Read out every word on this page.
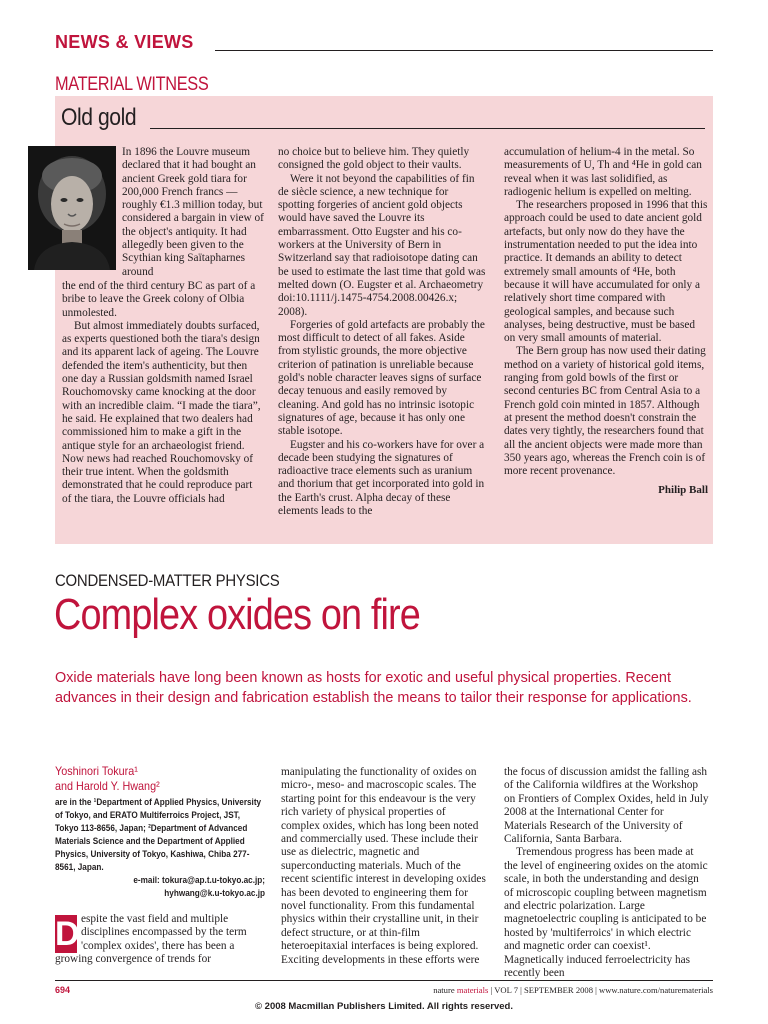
NEWS & VIEWS
MATERIAL WITNESS
Old gold

In 1896 the Louvre museum declared that it had bought an ancient Greek gold tiara for 200,000 French francs — roughly €1.3 million today, but considered a bargain in view of the object's antiquity. It had allegedly been given to the Scythian king Saïtapharnes around

the end of the third century BC as part of a bribe to leave the Greek colony of Olbia unmolested.

But almost immediately doubts surfaced, as experts questioned both the tiara's design and its apparent lack of ageing. The Louvre defended the item's authenticity, but then one day a Russian goldsmith named Israel Rouchomovsky came knocking at the door with an incredible claim. “I made the tiara”, he said. He explained that two dealers had commissioned him to make a gift in the antique style for an archaeologist friend. Now news had reached Rouchomovsky of their true intent. When the goldsmith demonstrated that he could reproduce part of the tiara, the Louvre officials had

no choice but to believe him. They quietly consigned the gold object to their vaults.

Were it not beyond the capabilities of fin de siècle science, a new technique for spotting forgeries of ancient gold objects would have saved the Louvre its embarrassment. Otto Eugster and his co-workers at the University of Bern in Switzerland say that radioisotope dating can be used to estimate the last time that gold was melted down (O. Eugster et al. Archaeometry doi:10.1111/j.1475-4754.2008.00426.x; 2008).

Forgeries of gold artefacts are probably the most difficult to detect of all fakes. Aside from stylistic grounds, the more objective criterion of patination is unreliable because gold's noble character leaves signs of surface decay tenuous and easily removed by cleaning. And gold has no intrinsic isotopic signatures of age, because it has only one stable isotope.

Eugster and his co-workers have for over a decade been studying the signatures of radioactive trace elements such as uranium and thorium that get incorporated into gold in the Earth's crust. Alpha decay of these elements leads to the

accumulation of helium-4 in the metal. So measurements of U, Th and ⁴He in gold can reveal when it was last solidified, as radiogenic helium is expelled on melting.

The researchers proposed in 1996 that this approach could be used to date ancient gold artefacts, but only now do they have the instrumentation needed to put the idea into practice. It demands an ability to detect extremely small amounts of ⁴He, both because it will have accumulated for only a relatively short time compared with geological samples, and because such analyses, being destructive, must be based on very small amounts of material.

The Bern group has now used their dating method on a variety of historical gold items, ranging from gold bowls of the first or second centuries BC from Central Asia to a French gold coin minted in 1857. Although at present the method doesn't constrain the dates very tightly, the researchers found that all the ancient objects were made more than 350 years ago, whereas the French coin is of more recent provenance.

Philip Ball
CONDENSED-MATTER PHYSICS
Complex oxides on fire
Oxide materials have long been known as hosts for exotic and useful physical properties. Recent advances in their design and fabrication establish the means to tailor their response for applications.
Yoshinori Tokura¹
and Harold Y. Hwang²
are in the ¹Department of Applied Physics, University of Tokyo, and ERATO Multiferroics Project, JST, Tokyo 113-8656, Japan; ²Department of Advanced Materials Science and the Department of Applied Physics, University of Tokyo, Kashiwa, Chiba 277-8561, Japan.
e-mail: tokura@ap.t.u-tokyo.ac.jp;
hyhwang@k.u-tokyo.ac.jp
D espite the vast field and multiple disciplines encompassed by the term 'complex oxides', there has been a growing convergence of trends for

manipulating the functionality of oxides on micro-, meso- and macroscopic scales. The starting point for this endeavour is the very rich variety of physical properties of complex oxides, which has long been noted and commercially used. These include their use as dielectric, magnetic and superconducting materials. Much of the recent scientific interest in developing oxides has been devoted to engineering them for novel functionality. From this fundamental physics within their crystalline unit, in their defect structure, or at thin-film heteroepitaxial interfaces is being explored. Exciting developments in these efforts were

the focus of discussion amidst the falling ash of the California wildfires at the Workshop on Frontiers of Complex Oxides, held in July 2008 at the International Center for Materials Research of the University of California, Santa Barbara.

Tremendous progress has been made at the level of engineering oxides on the atomic scale, in both the understanding and design of microscopic coupling between magnetism and electric polarization. Large magnetoelectric coupling is anticipated to be hosted by 'multiferroics' in which electric and magnetic order can coexist¹. Magnetically induced ferroelectricity has recently been

694	nature materials | VOL 7 | SEPTEMBER 2008 | www.nature.com/naturematerials
© 2008 Macmillan Publishers Limited. All rights reserved.
